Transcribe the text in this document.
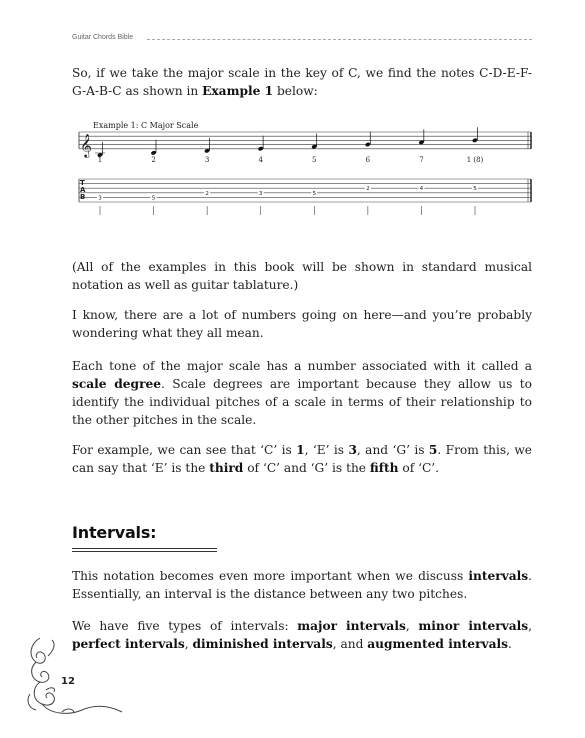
Guitar Chords Bible

So, if we take the major scale in the key of C, we find the notes C-D-E-F-G-A-B-C as shown in Example 1 below:

Example 1: C Major Scale
𝄞
T
A
B
1
3
2
5
3
2
4
3
5
5
6
2
7
4
1 (8)
5

(All of the examples in this book will be shown in standard musical notation as well as guitar tablature.)

I know, there are a lot of numbers going on here—and you’re probably wondering what they all mean.

Each tone of the major scale has a number associated with it called a scale degree. Scale degrees are important because they allow us to identify the individual pitches of a scale in terms of their relationship to the other pitches in the scale.

For example, we can see that ‘C’ is 1, ‘E’ is 3, and ‘G’ is 5. From this, we can say that ‘E’ is the third of ‘C’ and ‘G’ is the fifth of ‘C’.

Intervals:

This notation becomes even more important when we discuss intervals. Essentially, an interval is the distance between any two pitches.

We have five types of intervals: major intervals, minor intervals, perfect intervals, diminished intervals, and augmented intervals.

12
